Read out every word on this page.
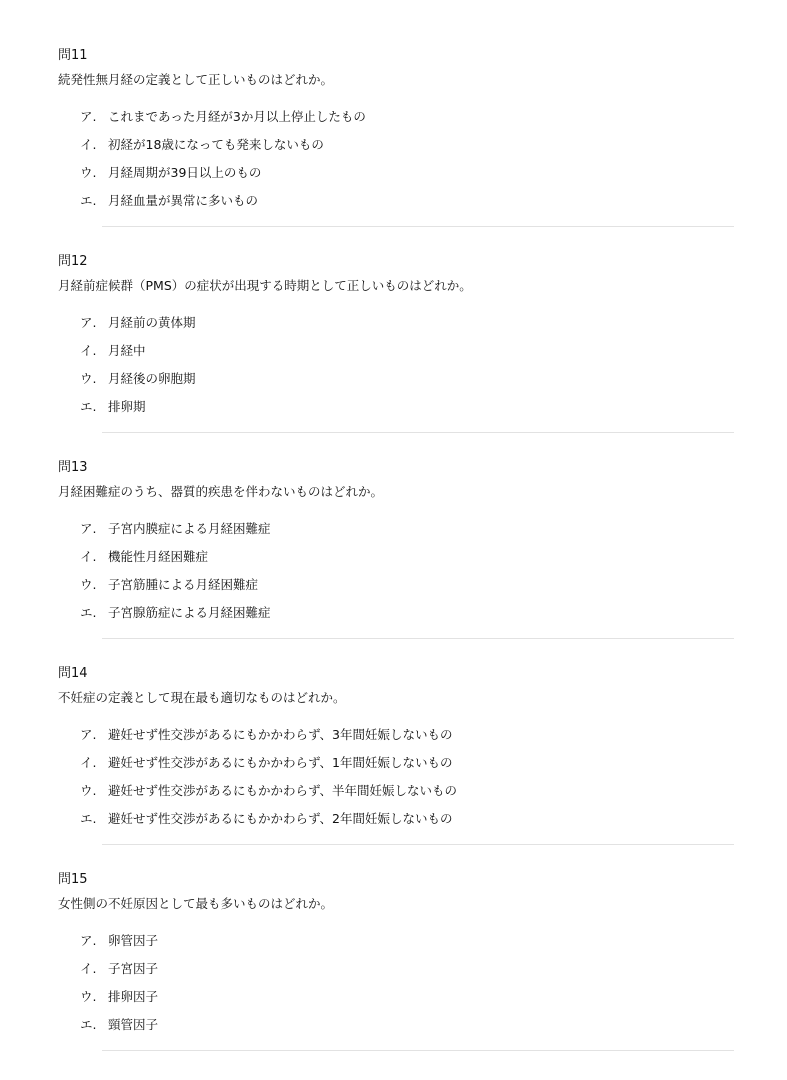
問11
続発性無月経の定義として正しいものはどれか。
ア. これまであった月経が3か月以上停止したもの
イ. 初経が18歳になっても発来しないもの
ウ. 月経周期が39日以上のもの
エ. 月経血量が異常に多いもの
問12
月経前症候群（PMS）の症状が出現する時期として正しいものはどれか。
ア. 月経前の黄体期
イ. 月経中
ウ. 月経後の卵胞期
エ. 排卵期
問13
月経困難症のうち、器質的疾患を伴わないものはどれか。
ア. 子宮内膜症による月経困難症
イ. 機能性月経困難症
ウ. 子宮筋腫による月経困難症
エ. 子宮腺筋症による月経困難症
問14
不妊症の定義として現在最も適切なものはどれか。
ア. 避妊せず性交渉があるにもかかわらず、3年間妊娠しないもの
イ. 避妊せず性交渉があるにもかかわらず、1年間妊娠しないもの
ウ. 避妊せず性交渉があるにもかかわらず、半年間妊娠しないもの
エ. 避妊せず性交渉があるにもかかわらず、2年間妊娠しないもの
問15
女性側の不妊原因として最も多いものはどれか。
ア. 卵管因子
イ. 子宮因子
ウ. 排卵因子
エ. 頸管因子
